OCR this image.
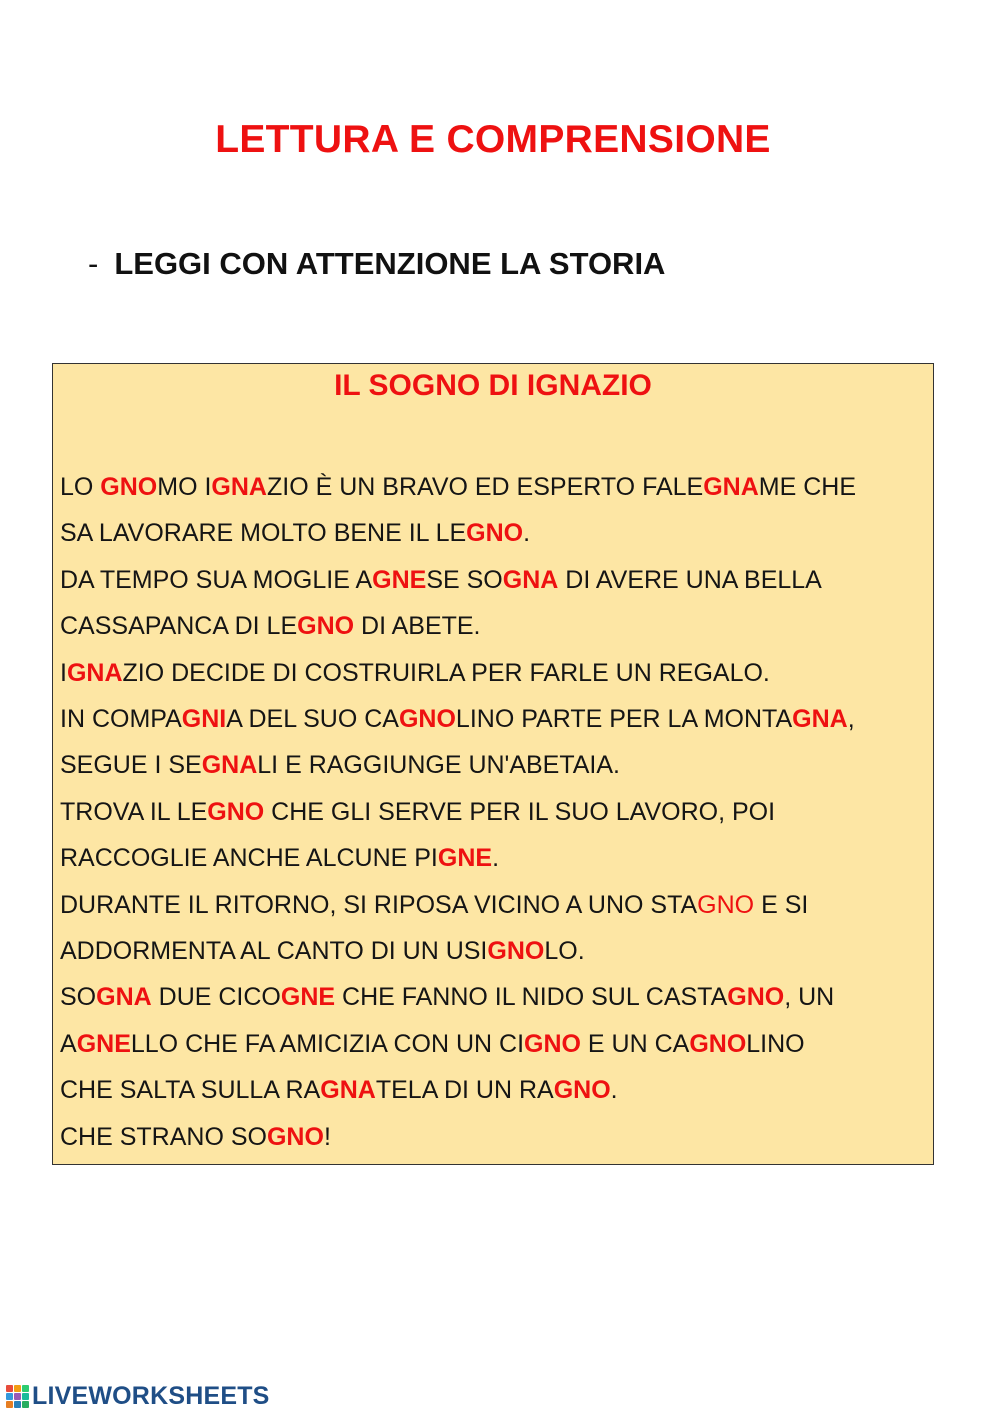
LETTURA E COMPRENSIONE
- LEGGI CON ATTENZIONE LA STORIA
IL SOGNO DI IGNAZIO
LO GNOMO IGNAZIO È UN BRAVO ED ESPERTO FALEGNAME CHE
SA LAVORARE MOLTO BENE IL LEGNO.
DA TEMPO SUA MOGLIE AGNESE SOGNA DI AVERE UNA BELLA
CASSAPANCA DI LEGNO DI ABETE.
IGNAZIO DECIDE DI COSTRUIRLA PER FARLE UN REGALO.
IN COMPAGNIA DEL SUO CAGNOLINO PARTE PER LA MONTAGNA,
SEGUE I SEGNALI E RAGGIUNGE UN'ABETAIA.
TROVA IL LEGNO CHE GLI SERVE PER IL SUO LAVORO, POI
RACCOGLIE ANCHE ALCUNE PIGNE.
DURANTE IL RITORNO, SI RIPOSA VICINO A UNO STAGNO E SI
ADDORMENTA AL CANTO DI UN USIGNOLO.
SOGNA DUE CICOGNE CHE FANNO IL NIDO SUL CASTAGNO, UN
AGNELLO CHE FA AMICIZIA CON UN CIGNO E UN CAGNOLINO
CHE SALTA SULLA RAGNATELA DI UN RAGNO.
CHE STRANO SOGNO!
LIVEWORKSHEETS
